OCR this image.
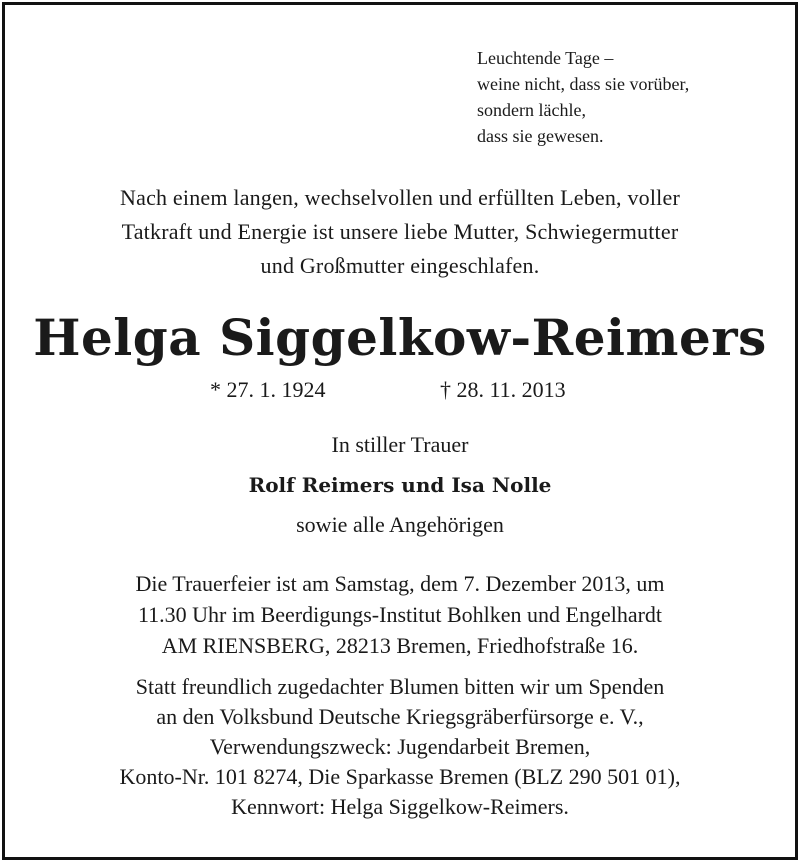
Leuchtende Tage –
weine nicht, dass sie vorüber,
sondern lächle,
dass sie gewesen.
Nach einem langen, wechselvollen und erfüllten Leben, voller
Tatkraft und Energie ist unsere liebe Mutter, Schwiegermutter
und Großmutter eingeschlafen.
Helga Siggelkow-Reimers
* 27. 1. 1924	† 28. 11. 2013
In stiller Trauer
Rolf Reimers und Isa Nolle
sowie alle Angehörigen
Die Trauerfeier ist am Samstag, dem 7. Dezember 2013, um
11.30 Uhr im Beerdigungs-Institut Bohlken und Engelhardt
AM RIENSBERG, 28213 Bremen, Friedhofstraße 16.
Statt freundlich zugedachter Blumen bitten wir um Spenden
an den Volksbund Deutsche Kriegsgräberfürsorge e. V.,
Verwendungszweck: Jugendarbeit Bremen,
Konto-Nr. 101 8274, Die Sparkasse Bremen (BLZ 290 501 01),
Kennwort: Helga Siggelkow-Reimers.
